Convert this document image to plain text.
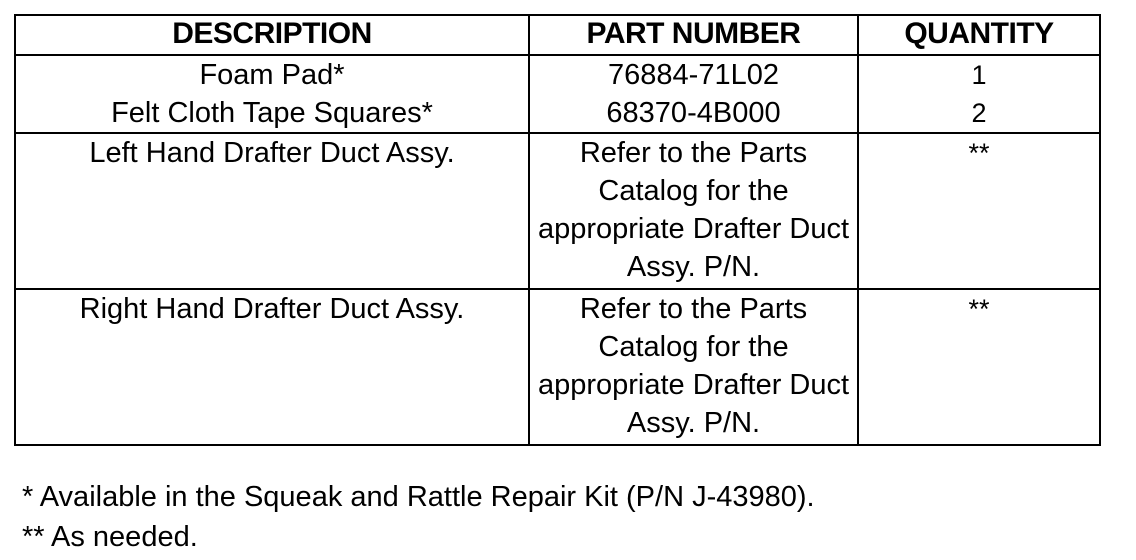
DESCRIPTION	PART NUMBER	QUANTITY
Foam Pad*	76884-71L02	1
Felt Cloth Tape Squares*	68370-4B000	2
Left Hand Drafter Duct Assy.	Refer to the Parts Catalog for the appropriate Drafter Duct Assy. P/N.	**
Right Hand Drafter Duct Assy.	Refer to the Parts Catalog for the appropriate Drafter Duct Assy. P/N.	**
* Available in the Squeak and Rattle Repair Kit (P/N J-43980).
** As needed.
